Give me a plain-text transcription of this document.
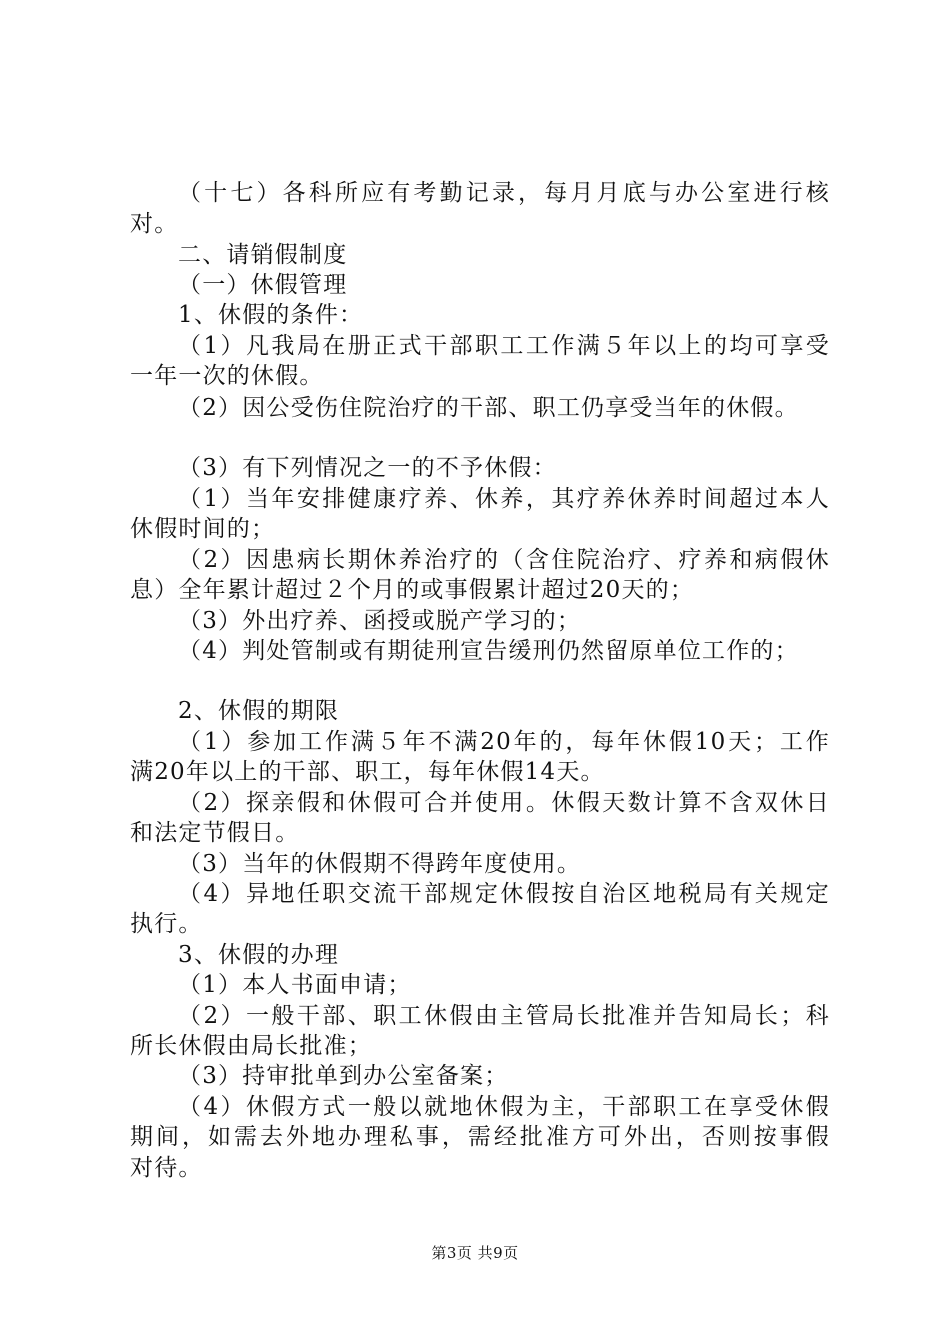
（十七）各科所应有考勤记录，每月月底与办公室进行核
对。
二、请销假制度
（一）休假管理
1、休假的条件：
（1）凡我局在册正式干部职工工作满５年以上的均可享受
一年一次的休假。
（2）因公受伤住院治疗的干部、职工仍享受当年的休假。
（3）有下列情况之一的不予休假：
（1）当年安排健康疗养、休养，其疗养休养时间超过本人
休假时间的；
（2）因患病长期休养治疗的（含住院治疗、疗养和病假休
息）全年累计超过２个月的或事假累计超过20天的；
（3）外出疗养、函授或脱产学习的；
（4）判处管制或有期徒刑宣告缓刑仍然留原单位工作的；
2、休假的期限
（1）参加工作满５年不满20年的，每年休假10天；工作
满20年以上的干部、职工，每年休假14天。
（2）探亲假和休假可合并使用。休假天数计算不含双休日
和法定节假日。
（3）当年的休假期不得跨年度使用。
（4）异地任职交流干部规定休假按自治区地税局有关规定
执行。
3、休假的办理
（1）本人书面申请；
（2）一般干部、职工休假由主管局长批准并告知局长；科
所长休假由局长批准；
（3）持审批单到办公室备案；
（4）休假方式一般以就地休假为主，干部职工在享受休假
期间，如需去外地办理私事，需经批准方可外出，否则按事假
对待。
第3页 共9页
